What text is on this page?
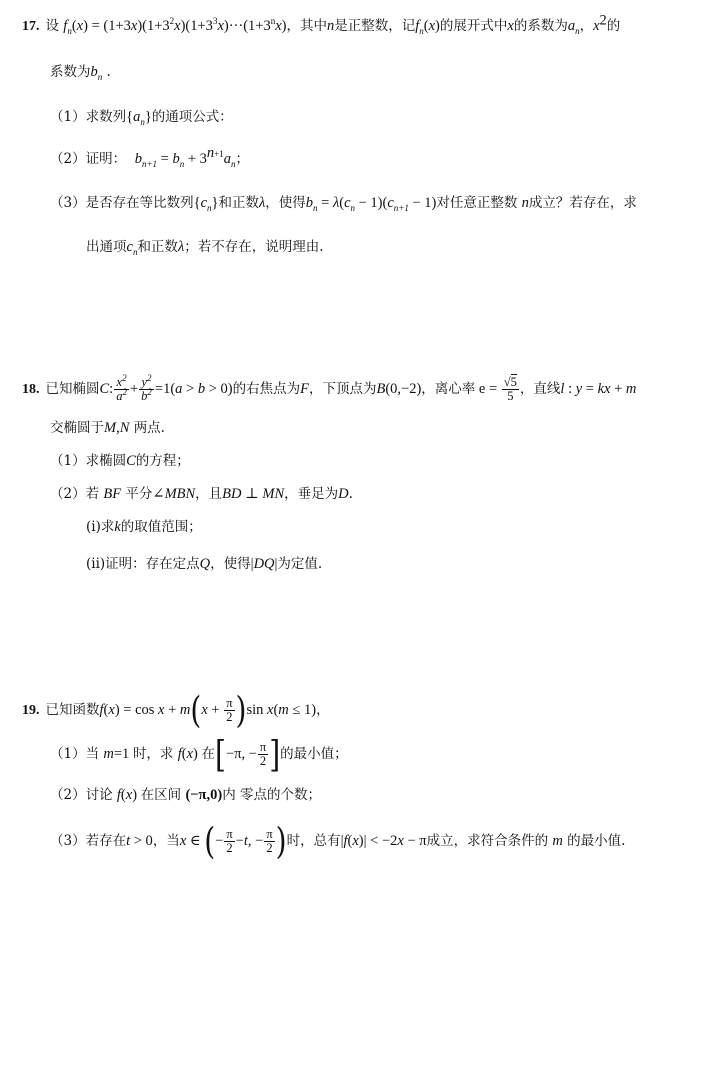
17. 设 $f_n(x) = (1+3x)(1+3^2x)(1+3^3x)\cdot\cdot\cdot(1+3^nx)$，其中n是正整数，记$f_n(x)$的展开式中x的系数为$a_n$，$x^2$的
系数为$b_n$ .
（1）求数列$\{a_n\}$的通项公式：
（2）证明： $b_{n+1} = b_n + 3^{n+1}a_n$；
（3）是否存在等比数列$\{c_n\}$和正数λ，使得$b_n = \lambda(c_n - 1)(c_{n+1} - 1)$对任意正整数 n成立？若存在，求
出通项$c_n$和正数λ；若不存在，说明理由.
18. 已知椭圆C: $\frac{x^2}{a^2} + \frac{y^2}{b^2} =1(a > b > 0)$的右焦点为F，下顶点为B(0,−2)，离心率 $e = \frac{√5}{5}$ ，直线l : y = kx + m
交椭圆于M,N 两点.
（1）求椭圆C的方程；
（2）若 BF 平分∠MBN，且BD ⊥ MN，垂足为D.
(i)求k的取值范围；
(ii)证明：存在定点Q，使得|DQ|为定值.
19. 已知函数$f(x) = \cos x + m(x + \frac{\pi}{2} )\sin$ x(m ≤ 1)，
（1）当 m=1 时，求 f(x) 在[−π, − $\frac{\pi}{2}$ ]的最小值；
（2）讨论 f(x) 在区间 (−π,0)内 零点的个数；
（3）若存在t > 0，当x ∈ (− $\frac{\pi}{2} -t$, − $\frac{\pi}{2}$ )时，总有|f(x)| < −2x − π成立，求符合条件的 m 的最小值.
